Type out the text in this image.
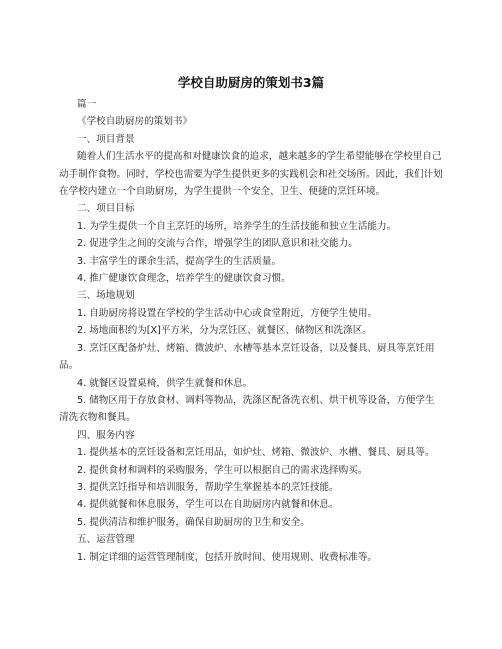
学校自助厨房的策划书3篇

篇一

《学校自助厨房的策划书》

一、项目背景

随着人们生活水平的提高和对健康饮食的追求，越来越多的学生希望能够在学校里自己动手制作食物。同时，学校也需要为学生提供更多的实践机会和社交场所。因此，我们计划在学校内建立一个自助厨房，为学生提供一个安全、卫生、便捷的烹饪环境。

二、项目目标

1. 为学生提供一个自主烹饪的场所，培养学生的生活技能和独立生活能力。

2. 促进学生之间的交流与合作，增强学生的团队意识和社交能力。

3. 丰富学生的课余生活，提高学生的生活质量。

4. 推广健康饮食理念，培养学生的健康饮食习惯。

三、场地规划

1. 自助厨房将设置在学校的学生活动中心或食堂附近，方便学生使用。

2. 场地面积约为[X]平方米，分为烹饪区、就餐区、储物区和洗涤区。

3. 烹饪区配备炉灶、烤箱、微波炉、水槽等基本烹饪设备，以及餐具、厨具等烹饪用品。

4. 就餐区设置桌椅，供学生就餐和休息。

5. 储物区用于存放食材、调料等物品，洗涤区配备洗衣机、烘干机等设备，方便学生清洗衣物和餐具。

四、服务内容

1. 提供基本的烹饪设备和烹饪用品，如炉灶、烤箱、微波炉、水槽、餐具、厨具等。

2. 提供食材和调料的采购服务，学生可以根据自己的需求选择购买。

3. 提供烹饪指导和培训服务，帮助学生掌握基本的烹饪技能。

4. 提供就餐和休息服务，学生可以在自助厨房内就餐和休息。

5. 提供清洁和维护服务，确保自助厨房的卫生和安全。

五、运营管理

1. 制定详细的运营管理制度，包括开放时间、使用规则、收费标准等。
